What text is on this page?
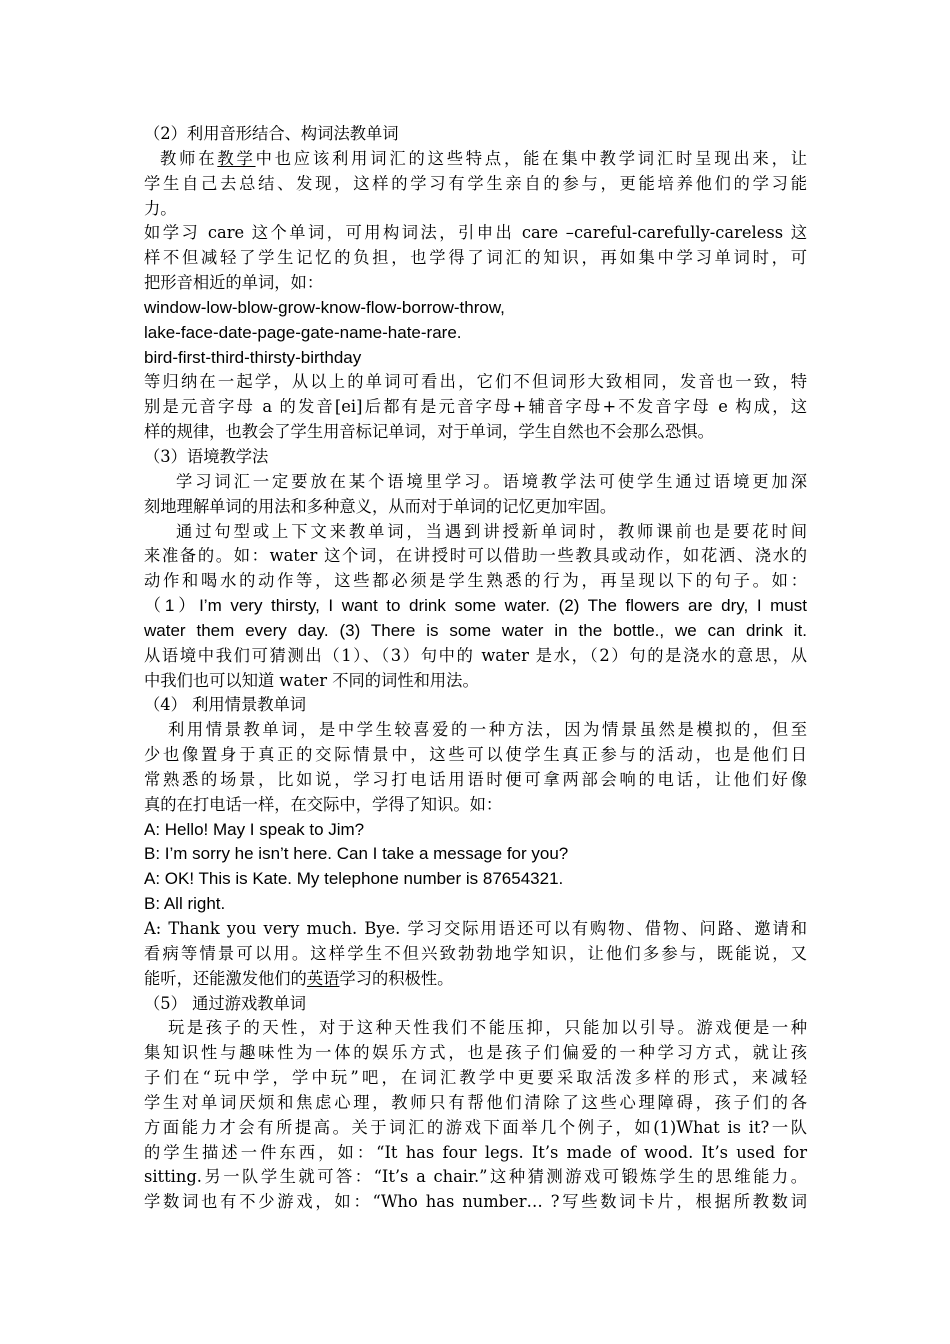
（2）利用音形结合、构词法教单词
教师在教学中也应该利用词汇的这些特点，能在集中教学词汇时呈现出来，让
学生自己去总结、发现，这样的学习有学生亲自的参与，更能培养他们的学习能
力。
如学习 care 这个单词，可用构词法，引申出 care –careful-carefully-careless 这
样不但减轻了学生记忆的负担，也学得了词汇的知识，再如集中学习单词时，可
把形音相近的单词，如：
window-low-blow-grow-know-flow-borrow-throw,
lake-face-date-page-gate-name-hate-rare.
bird-first-third-thirsty-birthday
等归纳在一起学，从以上的单词可看出，它们不但词形大致相同，发音也一致，特
别是元音字母 a 的发音[ei]后都有是元音字母+辅音字母+不发音字母 e 构成，这
样的规律，也教会了学生用音标记单词，对于单词，学生自然也不会那么恐惧。
（3）语境教学法
学习词汇一定要放在某个语境里学习。语境教学法可使学生通过语境更加深
刻地理解单词的用法和多种意义，从而对于单词的记忆更加牢固。
通过句型或上下文来教单词，当遇到讲授新单词时，教师课前也是要花时间
来准备的。如：water 这个词，在讲授时可以借助一些教具或动作，如花洒、浇水的
动作和喝水的动作等，这些都必须是学生熟悉的行为，再呈现以下的句子。如：
（1）I’m very thirsty, I want to drink some water. (2) The flowers are dry, I must
water them every day. (3) There is some water in the bottle., we can drink it.
从语境中我们可猜测出（1）、（3）句中的 water 是水，（2）句的是浇水的意思，从
中我们也可以知道 water 不同的词性和用法。
（4） 利用情景教单词
利用情景教单词，是中学生较喜爱的一种方法，因为情景虽然是模拟的，但至
少也像置身于真正的交际情景中，这些可以使学生真正参与的活动，也是他们日
常熟悉的场景，比如说，学习打电话用语时便可拿两部会响的电话，让他们好像
真的在打电话一样，在交际中，学得了知识。如：
A: Hello! May I speak to Jim?
B: I’m sorry he isn’t here. Can I take a message for you?
A: OK! This is Kate. My telephone number is 87654321.
B: All right.
A: Thank you very much. Bye. 学习交际用语还可以有购物、借物、问路、邀请和
看病等情景可以用。这样学生不但兴致勃勃地学知识，让他们多参与，既能说，又
能听，还能激发他们的英语学习的积极性。
（5） 通过游戏教单词
玩是孩子的天性，对于这种天性我们不能压抑，只能加以引导。游戏便是一种
集知识性与趣味性为一体的娱乐方式，也是孩子们偏爱的一种学习方式，就让孩
子们在“玩中学，学中玩”吧，在词汇教学中更要采取活泼多样的形式，来减轻
学生对单词厌烦和焦虑心理，教师只有帮他们清除了这些心理障碍，孩子们的各
方面能力才会有所提高。关于词汇的游戏下面举几个例子，如(1)What is it?一队
的学生描述一件东西，如：“It has four legs. It’s made of wood. It’s used for
sitting.另一队学生就可答：“It’s a chair.”这种猜测游戏可锻炼学生的思维能力。
学数词也有不少游戏，如：“Who has number… ?写些数词卡片，根据所教数词
